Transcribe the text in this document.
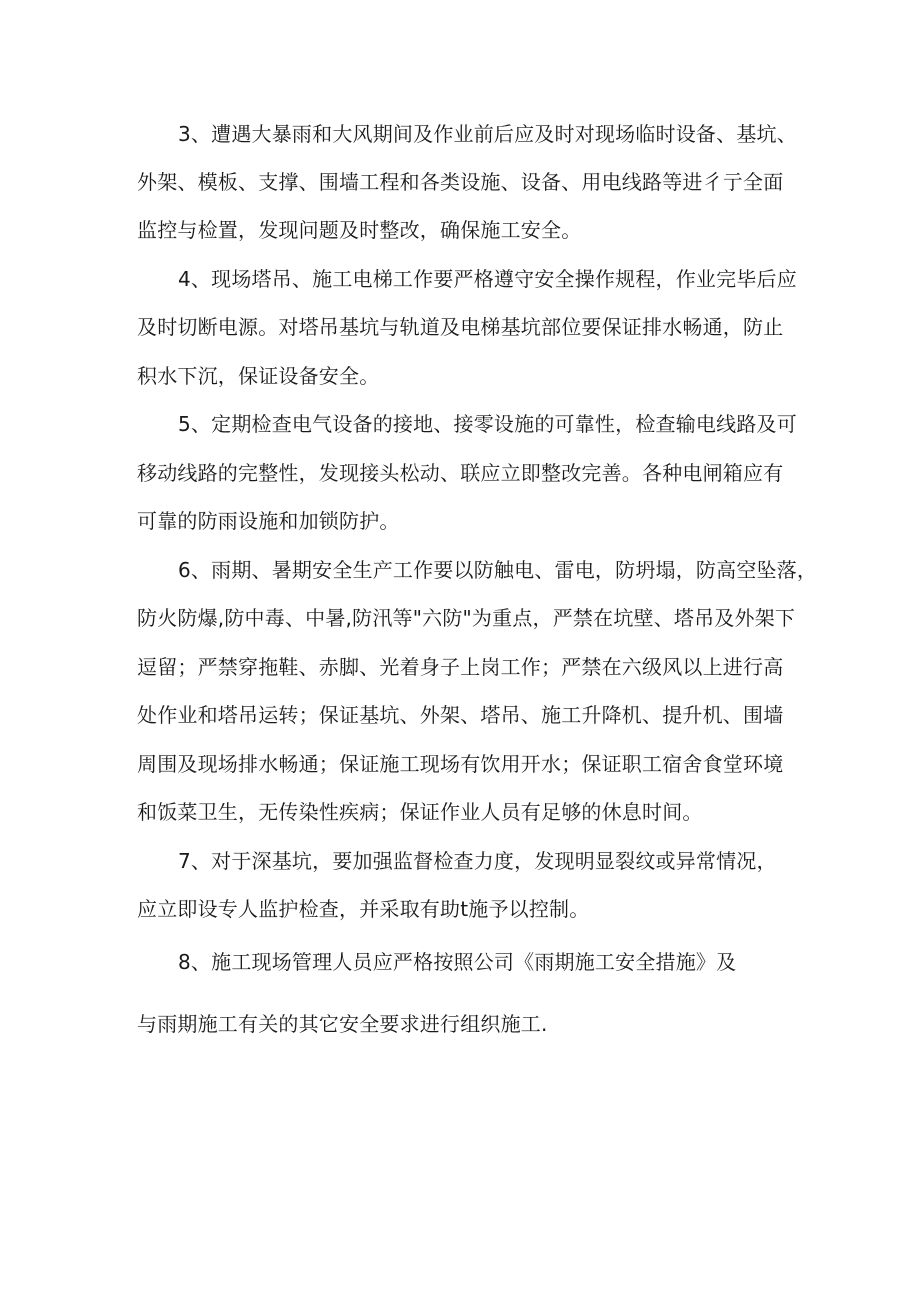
3、遭遇大暴雨和大风期间及作业前后应及时对现场临时设备、基坑、
外架、模板、支撑、围墙工程和各类设施、设备、用电线路等进彳亍全面
监控与检置，发现问题及时整改，确保施工安全。
4、现场塔吊、施工电梯工作要严格遵守安全操作规程，作业完毕后应
及时切断电源。对塔吊基坑与轨道及电梯基坑部位要保证排水畅通，防止
积水下沉，保证设备安全。
5、定期检查电气设备的接地、接零设施的可靠性，检查输电线路及可
移动线路的完整性，发现接头松动、联应立即整改完善。各种电闸箱应有
可靠的防雨设施和加锁防护。
6、雨期、暑期安全生产工作要以防触电、雷电，防坍塌，防高空坠落，
防火防爆,防中毒、中暑,防汛等"六防"为重点，严禁在坑壁、塔吊及外架下
逗留；严禁穿拖鞋、赤脚、光着身子上岗工作；严禁在六级风以上进行高
处作业和塔吊运转；保证基坑、外架、塔吊、施工升降机、提升机、围墙
周围及现场排水畅通；保证施工现场有饮用开水；保证职工宿舍食堂环境
和饭菜卫生，无传染性疾病；保证作业人员有足够的休息时间。
7、对于深基坑，要加强监督检查力度，发现明显裂纹或异常情况，
应立即设专人监护检查，并采取有助t施予以控制。
8、施工现场管理人员应严格按照公司《雨期施工安全措施》及
与雨期施工有关的其它安全要求进行组织施工.
